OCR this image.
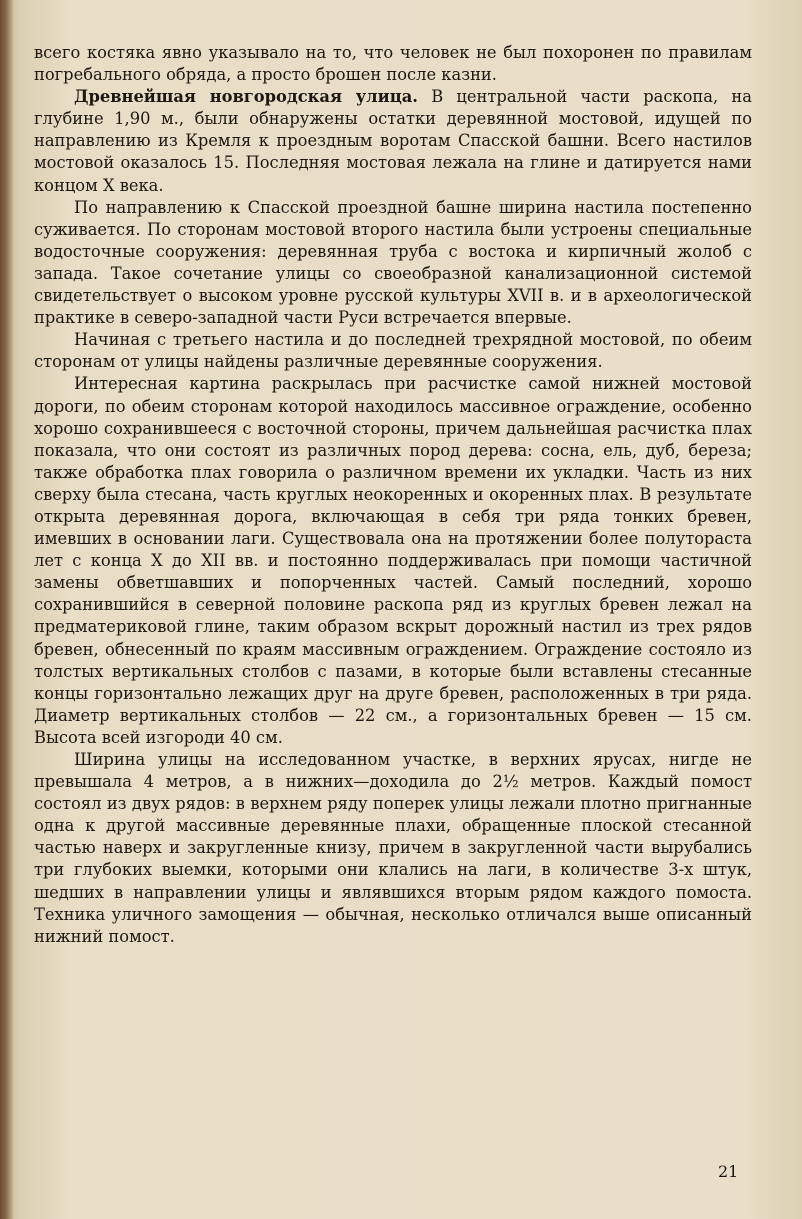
всего костяка явно указывало на то, что человек не был похоронен по правилам погребального обряда, а просто брошен после казни.

Древнейшая новгородская улица. В центральной части раскопа, на глубине 1,90 м., были обнаружены остатки деревянной мостовой, идущей по направлению из Кремля к проездным воротам Спасской башни. Всего настилов мостовой оказалось 15. Последняя мостовая лежала на глине и датируется нами концом X века.

По направлению к Спасской проездной башне ширина настила постепенно суживается. По сторонам мостовой второго настила были устроены специальные водосточные сооружения: деревянная труба с востока и кирпичный жолоб с запада. Такое сочетание улицы со своеобразной канализационной системой свидетельствует о высоком уровне русской культуры XVII в. и в археологической практике в северо-западной части Руси встречается впервые.

Начиная с третьего настила и до последней трехрядной мостовой, по обеим сторонам от улицы найдены различные деревянные сооружения.

Интересная картина раскрылась при расчистке самой нижней мостовой дороги, по обеим сторонам которой находилось массивное ограждение, особенно хорошо сохранившееся с восточной стороны, причем дальнейшая расчистка плах показала, что они состоят из различных пород дерева: сосна, ель, дуб, береза; также обработка плах говорила о различном времени их укладки. Часть из них сверху была стесана, часть круглых неокоренных и окоренных плах. В результате открыта деревянная дорога, включающая в себя три ряда тонких бревен, имевших в основании лаги. Существовала она на протяжении более полутораста лет с конца X до XII вв. и постоянно поддерживалась при помощи частичной замены обветшавших и попорченных частей. Самый последний, хорошо сохранившийся в северной половине раскопа ряд из круглых бревен лежал на предматериковой глине, таким образом вскрыт дорожный настил из трех рядов бревен, обнесенный по краям массивным ограждением. Ограждение состояло из толстых вертикальных столбов с пазами, в которые были вставлены стесанные концы горизонтально лежащих друг на друге бревен, расположенных в три ряда. Диаметр вертикальных столбов — 22 см., а горизонтальных бревен — 15 см. Высота всей изгороди 40 см.

Ширина улицы на исследованном участке, в верхних ярусах, нигде не превышала 4 метров, а в нижних—доходила до 2½ метров. Каждый помост состоял из двух рядов: в верхнем ряду поперек улицы лежали плотно пригнанные одна к другой массивные деревянные плахи, обращенные плоской стесанной частью наверх и закругленные книзу, причем в закругленной части вырубались три глубоких выемки, которыми они клались на лаги, в количестве 3-х штук, шедших в направлении улицы и являвшихся вторым рядом каждого помоста. Техника уличного замощения — обычная, несколько отличался выше описанный нижний помост.

21
